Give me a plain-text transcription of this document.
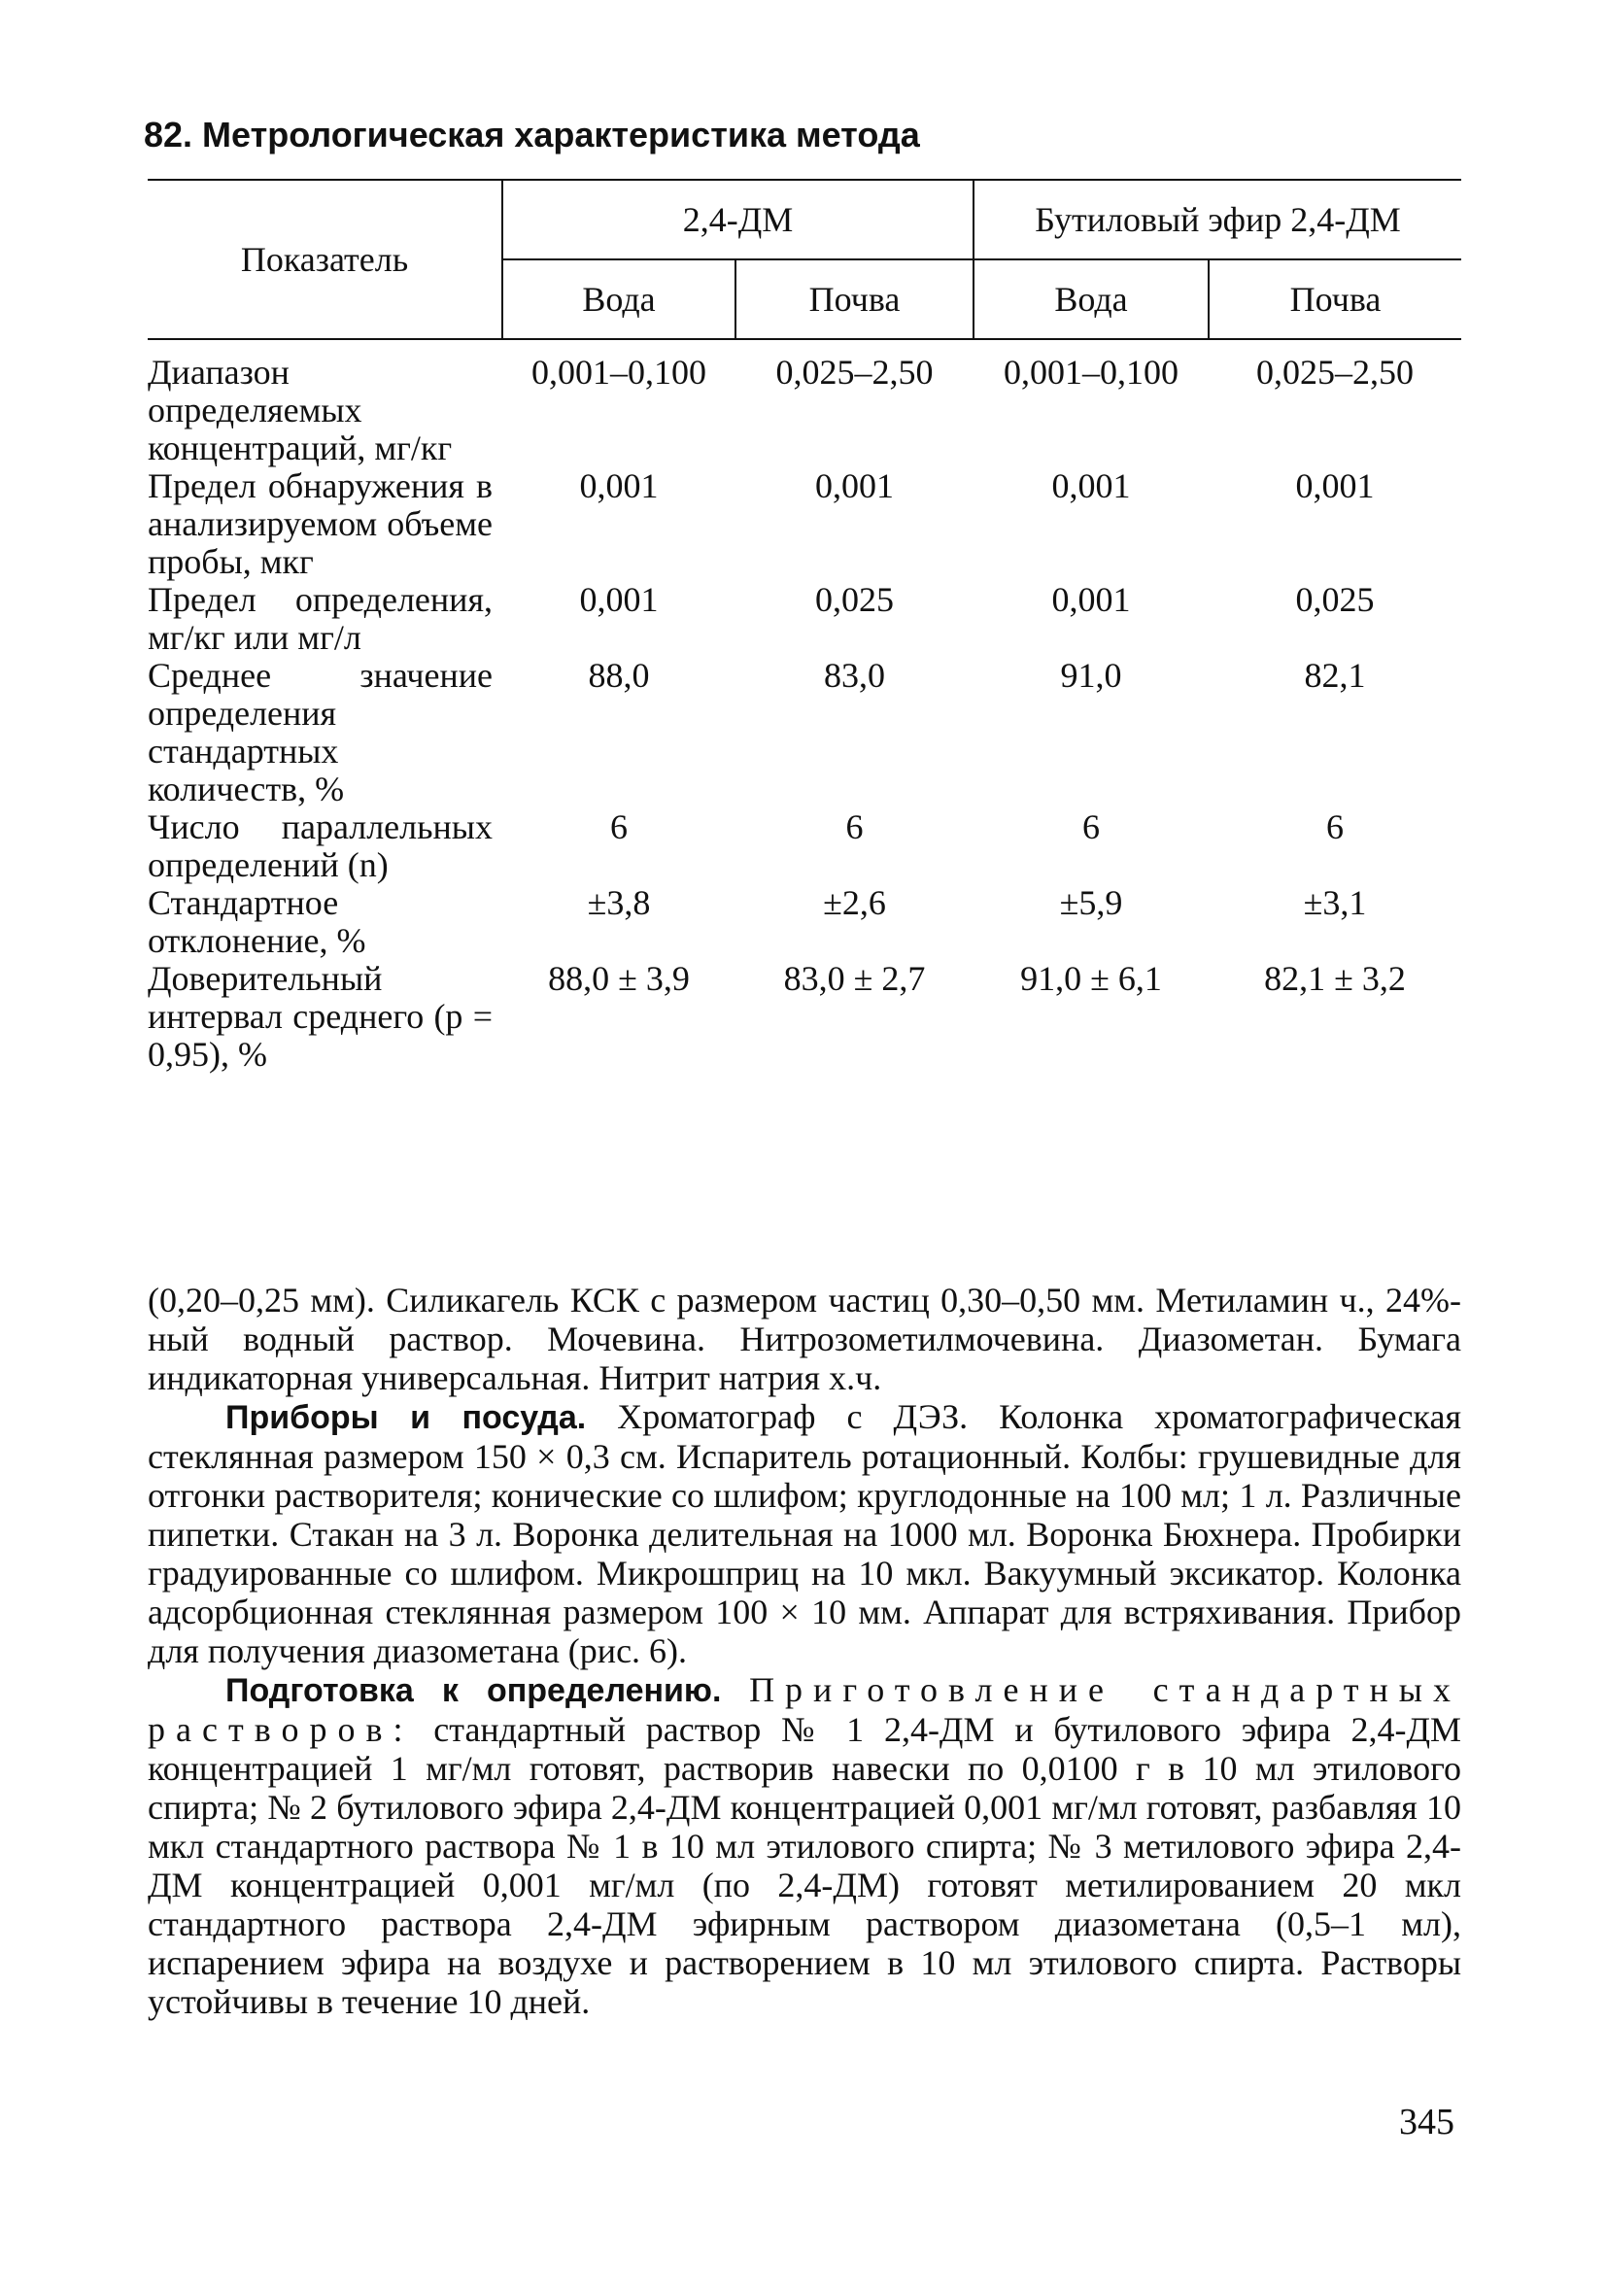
82. Метрологическая характеристика метода
Показатель	2,4-ДМ		Бутиловый эфир 2,4-ДМ	
	Вода	Почва	Вода	Почва
Диапазон определяемых концентраций, мг/кг	0,001–0,100	0,025–2,50	0,001–0,100	0,025–2,50
Предел обнаружения в анализируемом объеме пробы, мкг	0,001	0,001	0,001	0,001
Предел определения, мг/кг или мг/л	0,001	0,025	0,001	0,025
Среднее значение определения стандартных количеств, %	88,0	83,0	91,0	82,1
Число параллельных определений (n)	6	6	6	6
Стандартное отклонение, %	±3,8	±2,6	±5,9	±3,1
Доверительный интервал среднего (p = 0,95), %	88,0 ± 3,9	83,0 ± 2,7	91,0 ± 6,1	82,1 ± 3,2

(0,20–0,25 мм). Силикагель КСК с размером частиц 0,30–0,50 мм. Метиламин ч., 24%-ный водный раствор. Мочевина. Нитрозометилмочевина. Диазометан. Бумага индикаторная универсальная. Нитрит натрия х.ч.

Приборы и посуда. Хроматограф с ДЭЗ. Колонка хроматографическая стеклянная размером 150 × 0,3 см. Испаритель ротационный. Колбы: грушевидные для отгонки растворителя; конические со шлифом; круглодонные на 100 мл; 1 л. Различные пипетки. Стакан на 3 л. Воронка делительная на 1000 мл. Воронка Бюхнера. Пробирки градуированные со шлифом. Микрошприц на 10 мкл. Вакуумный эксикатор. Колонка адсорбционная стеклянная размером 100 × 10 мм. Аппарат для встряхивания. Прибор для получения диазометана (рис. 6).

Подготовка к определению. Приготовление стандартных растворов: стандартный раствор № 1 2,4-ДМ и бутилового эфира 2,4-ДМ концентрацией 1 мг/мл готовят, растворив навески по 0,0100 г в 10 мл этилового спирта; № 2 бутилового эфира 2,4-ДМ концентрацией 0,001 мг/мл готовят, разбавляя 10 мкл стандартного раствора № 1 в 10 мл этилового спирта; № 3 метилового эфира 2,4-ДМ концентрацией 0,001 мг/мл (по 2,4-ДМ) готовят метилированием 20 мкл стандартного раствора 2,4-ДМ эфирным раствором диазометана (0,5–1 мл), испарением эфира на воздухе и растворением в 10 мл этилового спирта. Растворы устойчивы в течение 10 дней.

345
